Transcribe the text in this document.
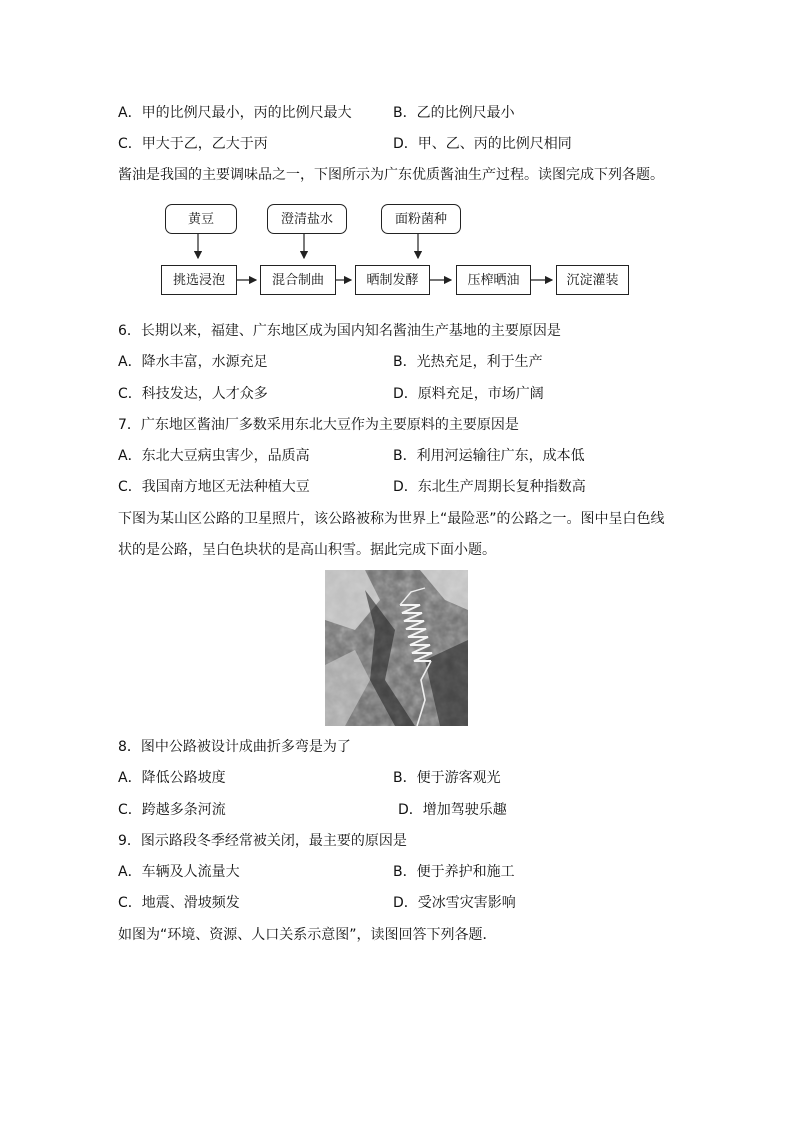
A．甲的比例尺最小，丙的比例尺最大	B．乙的比例尺最小
C．甲大于乙，乙大于丙	D．甲、乙、丙的比例尺相同
酱油是我国的主要调味品之一，下图所示为广东优质酱油生产过程。读图完成下列各题。
黄豆	澄清盐水	面粉菌种
挑选浸泡	混合制曲	晒制发酵	压榨晒油	沉淀灌装
6．长期以来，福建、广东地区成为国内知名酱油生产基地的主要原因是
A．降水丰富，水源充足	B．光热充足，利于生产
C．科技发达，人才众多	D．原料充足，市场广阔
7．广东地区酱油厂多数采用东北大豆作为主要原料的主要原因是
A．东北大豆病虫害少，品质高	B．利用河运输往广东，成本低
C．我国南方地区无法种植大豆	D．东北生产周期长复种指数高
下图为某山区公路的卫星照片，该公路被称为世界上“最险恶”的公路之一。图中呈白色线
状的是公路，呈白色块状的是高山积雪。据此完成下面小题。
8．图中公路被设计成曲折多弯是为了
A．降低公路坡度	B．便于游客观光
C．跨越多条河流	D．增加驾驶乐趣
9．图示路段冬季经常被关闭，最主要的原因是
A．车辆及人流量大	B．便于养护和施工
C．地震、滑坡频发	D．受冰雪灾害影响
如图为“环境、资源、人口关系示意图”，读图回答下列各题．
